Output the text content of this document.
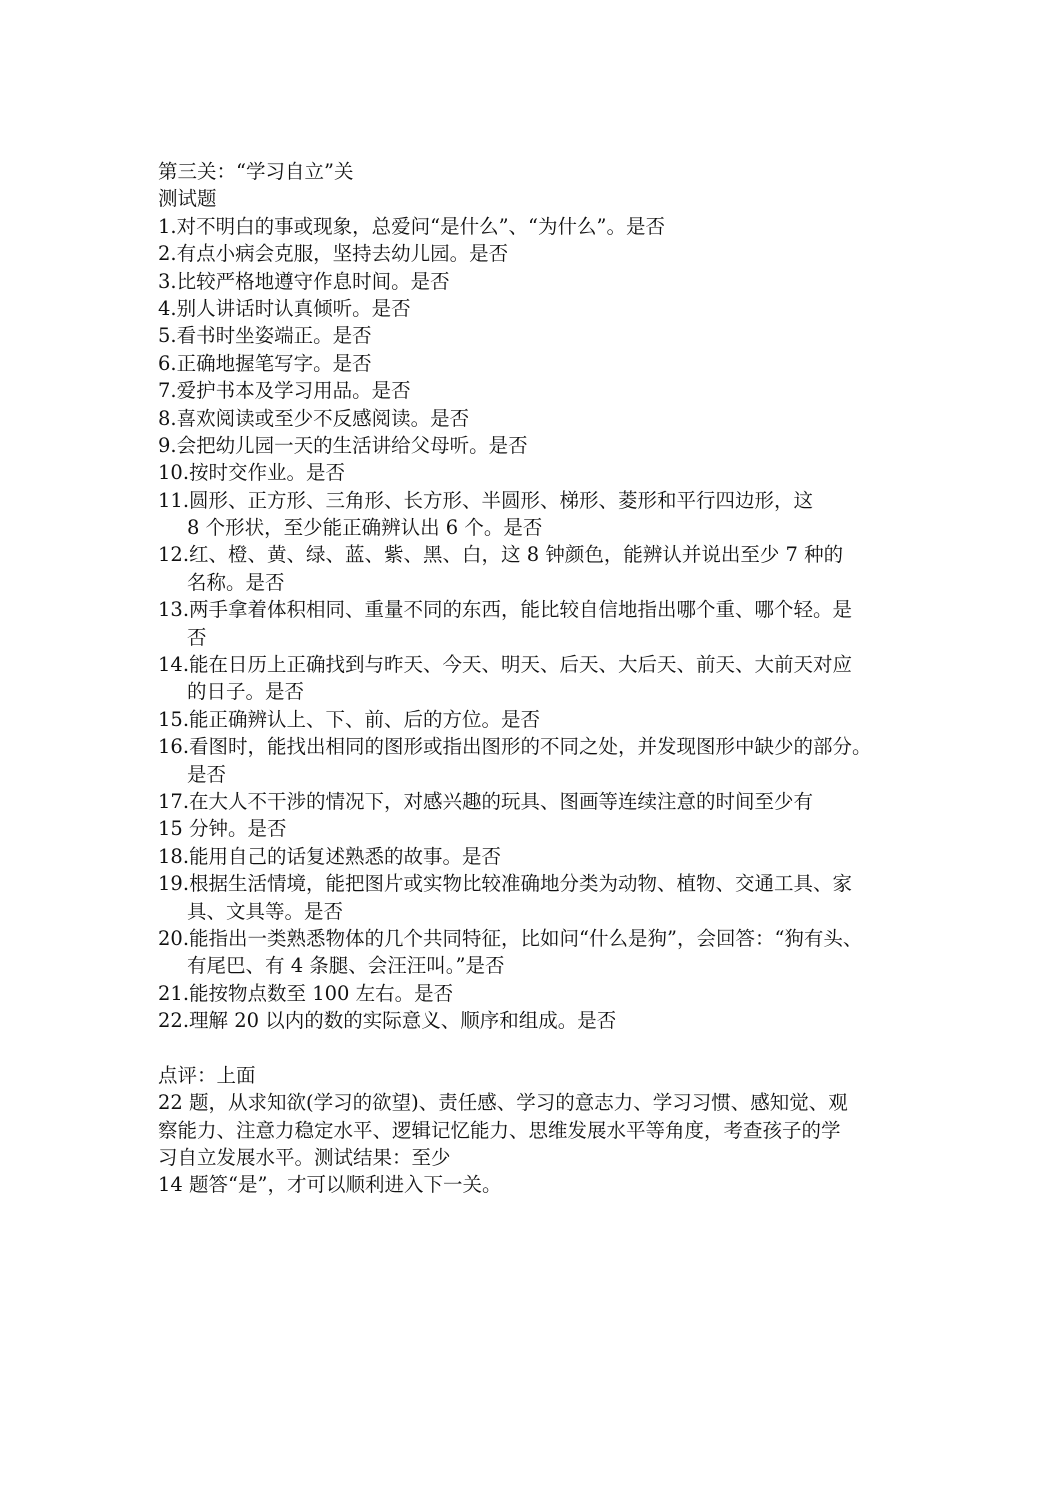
第三关：“学习自立”关
测试题
1.对不明白的事或现象，总爱问“是什么”、“为什么”。是否
2.有点小病会克服，坚持去幼儿园。是否
3.比较严格地遵守作息时间。是否
4.别人讲话时认真倾听。是否
5.看书时坐姿端正。是否
6.正确地握笔写字。是否
7.爱护书本及学习用品。是否
8.喜欢阅读或至少不反感阅读。是否
9.会把幼儿园一天的生活讲给父母听。是否
10.按时交作业。是否
11.圆形、正方形、三角形、长方形、半圆形、梯形、菱形和平行四边形，这
8 个形状，至少能正确辨认出 6 个。是否
12.红、橙、黄、绿、蓝、紫、黑、白，这 8 钟颜色，能辨认并说出至少 7 种的
名称。是否
13.两手拿着体积相同、重量不同的东西，能比较自信地指出哪个重、哪个轻。是
否
14.能在日历上正确找到与昨天、今天、明天、后天、大后天、前天、大前天对应
的日子。是否
15.能正确辨认上、下、前、后的方位。是否
16.看图时，能找出相同的图形或指出图形的不同之处，并发现图形中缺少的部分。
是否
17.在大人不干涉的情况下，对感兴趣的玩具、图画等连续注意的时间至少有
15 分钟。是否
18.能用自己的话复述熟悉的故事。是否
19.根据生活情境，能把图片或实物比较准确地分类为动物、植物、交通工具、家
具、文具等。是否
20.能指出一类熟悉物体的几个共同特征，比如问“什么是狗”，会回答：“狗有头、
有尾巴、有 4 条腿、会汪汪叫。”是否
21.能按物点数至 100 左右。是否
22.理解 20 以内的数的实际意义、顺序和组成。是否
点评：上面
22 题，从求知欲(学习的欲望)、责任感、学习的意志力、学习习惯、感知觉、观
察能力、注意力稳定水平、逻辑记忆能力、思维发展水平等角度，考查孩子的学
习自立发展水平。测试结果：至少
14 题答“是”，才可以顺利进入下一关。
